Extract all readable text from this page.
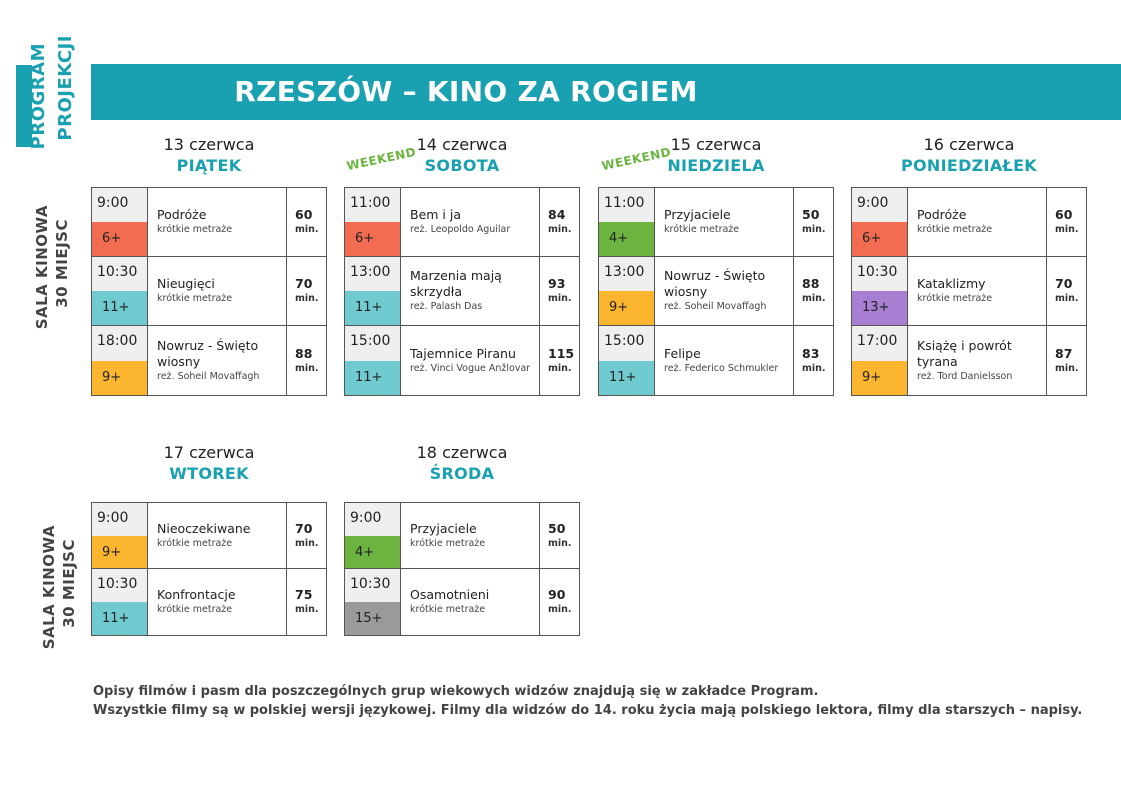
PROGRAM PROJEKCJI	RZESZÓW – KINO ZA ROGIEM
SALA KINOWA 30 MIEJSC
SALA KINOWA 30 MIEJSC
13 czerwca
PIĄTEK
9:00
6+
Podróże
krótkie metraże
60
min.
10:30
11+
Nieugięci
krótkie metraże
70
min.
18:00
9+
Nowruz - Święto wiosny
reż. Soheil Movaffagh
88
min.
14 czerwca
SOBOTA
WEEKEND
11:00
6+
Bem i ja
reż. Leopoldo Aguilar
84
min.
13:00
11+
Marzenia mają skrzydła
reż. Palash Das
93
min.
15:00
11+
Tajemnice Piranu
reż. Vinci Vogue Anžlovar
115
min.
15 czerwca
NIEDZIELA
WEEKEND
11:00
4+
Przyjaciele
krótkie metraże
50
min.
13:00
9+
Nowruz - Święto wiosny
reż. Soheil Movaffagh
88
min.
15:00
11+
Felipe
reż. Federico Schmukler
83
min.
16 czerwca
PONIEDZIAŁEK
9:00
6+
Podróże
krótkie metraże
60
min.
10:30
13+
Kataklizmy
krótkie metraże
70
min.
17:00
9+
Książę i powrót tyrana
reż. Tord Danielsson
87
min.
17 czerwca
WTOREK
9:00
9+
Nieoczekiwane
krótkie metraże
70
min.
10:30
11+
Konfrontacje
krótkie metraże
75
min.
18 czerwca
ŚRODA
9:00
4+
Przyjaciele
krótkie metraże
50
min.
10:30
15+
Osamotnieni
krótkie metraże
90
min.
Opisy filmów i pasm dla poszczególnych grup wiekowych widzów znajdują się w zakładce Program.
Wszystkie filmy są w polskiej wersji językowej. Filmy dla widzów do 14. roku życia mają polskiego lektora, filmy dla starszych – napisy.
